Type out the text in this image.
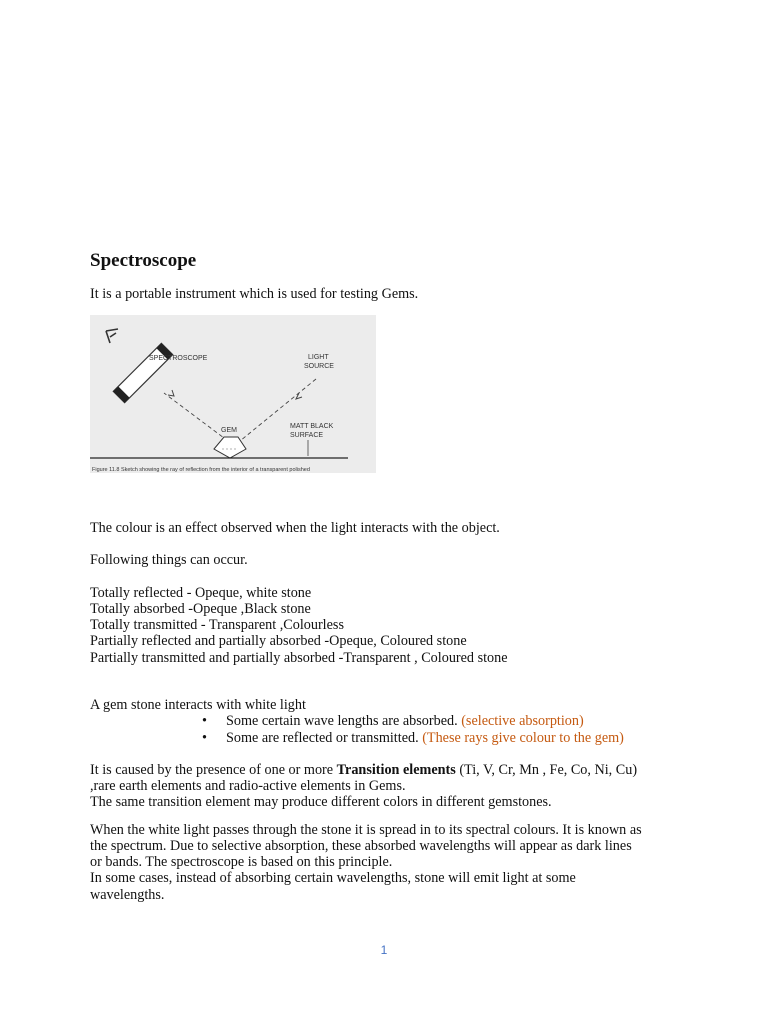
Spectroscope
It is a portable instrument which is used for testing Gems.
SPECTROSCOPE	LIGHT
SOURCE
GEM
MATT BLACK
SURFACE
Figure 11.8 Sketch showing the ray of reflection from the interior of a transparent polished
The colour is an effect observed when the light interacts with the object.
Following things can occur.
Totally reflected - Opeque, white stone
Totally absorbed -Opeque ,Black stone
Totally transmitted - Transparent ,Colourless
Partially reflected and partially absorbed -Opeque, Coloured stone
Partially transmitted and partially absorbed -Transparent , Coloured stone
A gem stone interacts with white light
• Some certain wave lengths are absorbed. (selective absorption)
• Some are reflected or transmitted. (These rays give colour to the gem)
It is caused by the presence of one or more Transition elements (Ti, V, Cr, Mn , Fe, Co, Ni, Cu)
,rare earth elements and radio-active elements in Gems.
The same transition element may produce different colors in different gemstones.
When the white light passes through the stone it is spread in to its spectral colours. It is known as
the spectrum. Due to selective absorption, these absorbed wavelengths will appear as dark lines
or bands. The spectroscope is based on this principle.
In some cases, instead of absorbing certain wavelengths, stone will emit light at some
wavelengths.
1
